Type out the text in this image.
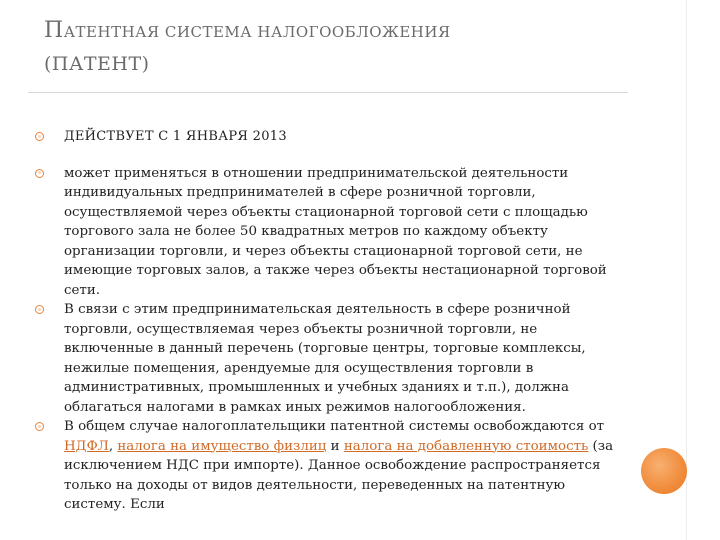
ПАТЕНТНАЯ СИСТЕМА НАЛОГООБЛОЖЕНИЯ
(ПАТЕНТ)
ДЕЙСТВУЕТ С 1 ЯНВАРЯ 2013
может применяться в отношении предпринимательской деятельности индивидуальных предпринимателей в сфере розничной торговли, осуществляемой через объекты стационарной торговой сети с площадью торгового зала не более 50 квадратных метров по каждому объекту организации торговли, и через объекты стационарной торговой сети, не имеющие торговых залов, а также через объекты нестационарной торговой сети.
В связи с этим предпринимательская деятельность в сфере розничной торговли, осуществляемая через объекты розничной торговли, не включенные в данный перечень (торговые центры, торговые комплексы, нежилые помещения, арендуемые для осуществления торговли в административных, промышленных и учебных зданиях и т.п.), должна облагаться налогами в рамках иных режимов налогообложения.
В общем случае налогоплательщики патентной системы освобождаются от НДФЛ, налога на имущество физлиц и налога на добавленную стоимость (за исключением НДС при импорте). Данное освобождение распространяется только на доходы от видов деятельности, переведенных на патентную систему. Если
